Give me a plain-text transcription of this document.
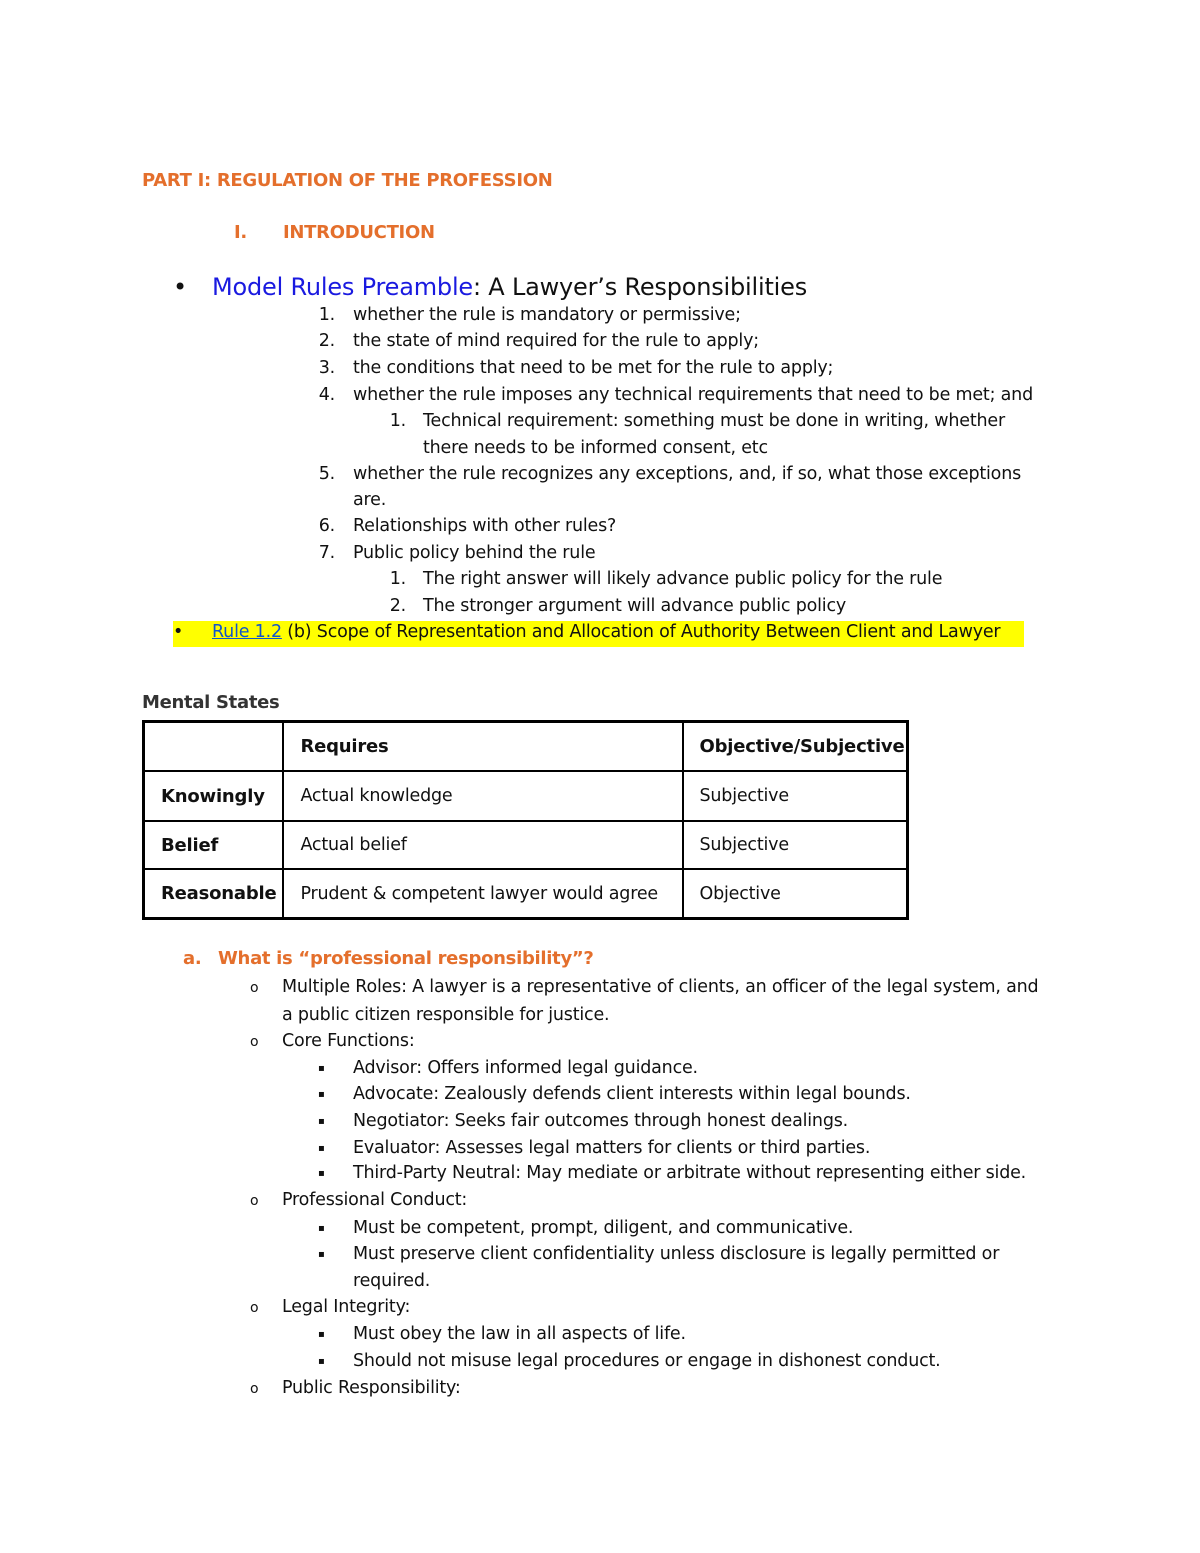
PART I: REGULATION OF THE PROFESSION
I. INTRODUCTION
• Model Rules Preamble: A Lawyer’s Responsibilities
1. whether the rule is mandatory or permissive;
2. the state of mind required for the rule to apply;
3. the conditions that need to be met for the rule to apply;
4. whether the rule imposes any technical requirements that need to be met; and
1. Technical requirement: something must be done in writing, whether
there needs to be informed consent, etc
5. whether the rule recognizes any exceptions, and, if so, what those exceptions
are.
6. Relationships with other rules?
7. Public policy behind the rule
1. The right answer will likely advance public policy for the rule
2. The stronger argument will advance public policy
• Rule 1.2 (b) Scope of Representation and Allocation of Authority Between Client and Lawyer
Mental States
	Requires	Objective/Subjective
Knowingly	Actual knowledge	Subjective
Belief	Actual belief	Subjective
Reasonable	Prudent & competent lawyer would agree	Objective
a. What is “professional responsibility”?
o Multiple Roles: A lawyer is a representative of clients, an officer of the legal system, and
a public citizen responsible for justice.
o Core Functions:
▪ Advisor: Offers informed legal guidance.
▪ Advocate: Zealously defends client interests within legal bounds.
▪ Negotiator: Seeks fair outcomes through honest dealings.
▪ Evaluator: Assesses legal matters for clients or third parties.
▪ Third-Party Neutral: May mediate or arbitrate without representing either side.
o Professional Conduct:
▪ Must be competent, prompt, diligent, and communicative.
▪ Must preserve client confidentiality unless disclosure is legally permitted or
required.
o Legal Integrity:
▪ Must obey the law in all aspects of life.
▪ Should not misuse legal procedures or engage in dishonest conduct.
o Public Responsibility:
